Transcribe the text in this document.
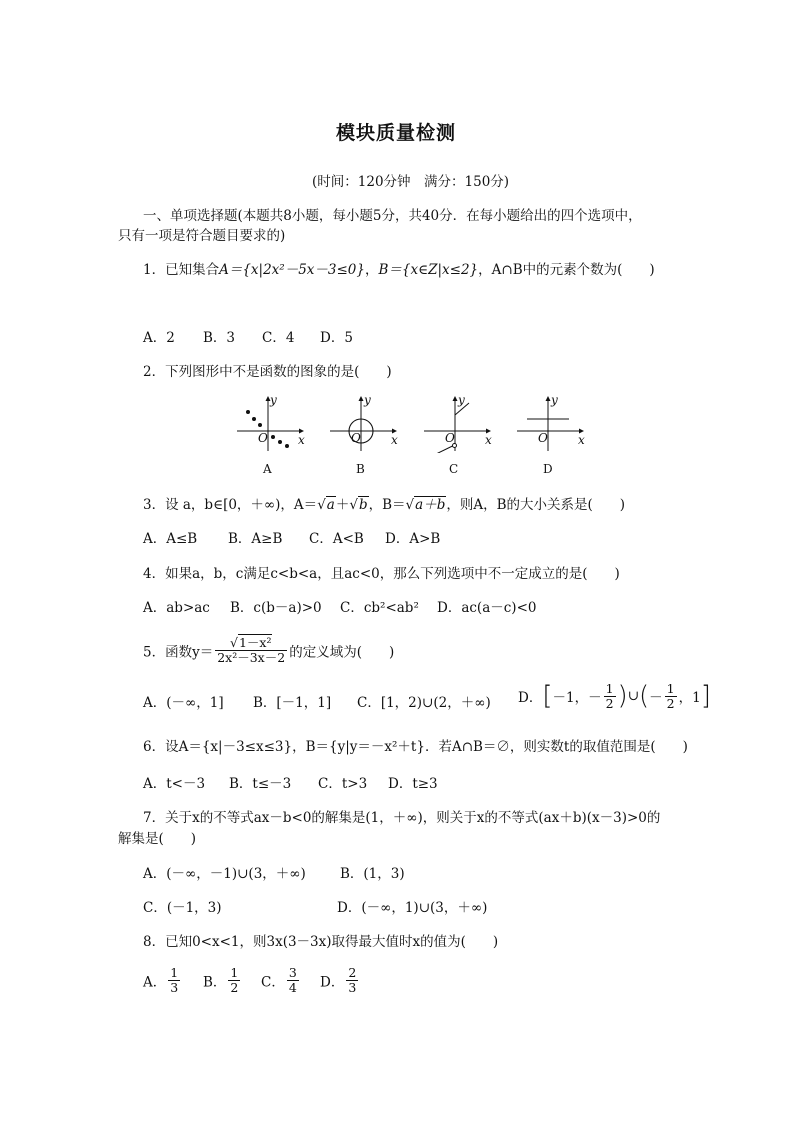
模块质量检测
(时间：120分钟　满分：150分)
一、单项选择题(本题共8小题，每小题5分，共40分．在每小题给出的四个选项中，
只有一项是符合题目要求的)
1．已知集合A＝{x|2x²－5x－3≤0}，B＝{x∈Z|x≤2}，A∩B中的元素个数为(　　)
A．2 B．3 C．4 D．5
2．下列图形中不是函数的图象的是(　　)
y
x
O
A
y
x
O
B
y
x
O
C
y
x
O
D
3．设 a，b∈[0，＋∞)，A＝√a＋√b，B＝√a＋b，则A，B的大小关系是(　　)
A．A≤B B．A≥B C．A<B D．A>B
4．如果a，b，c满足c<b<a，且ac<0，那么下列选项中不一定成立的是(　　)
A．ab>ac B．c(b－a)>0 C．cb²<ab² D．ac(a－c)<0
5．函数$y= \frac{\text{√1－x²}}{\text{2x²－3x－2}}$ 的定义域为(　　)
A．(－∞，1] B．[－1，1] C．[1，2)∪(2，＋∞) D．[－1，－ $\frac{1}{2}$ )∪(－ $\frac{1}{2}$ ，1]
6．设A＝{x|－3≤x≤3}，B＝{y|y＝－x²＋t}．若A∩B＝∅，则实数t的取值范围是(　　)
A．t<－3 B．t≤－3 C．t>3 D．t≥3
7．关于x的不等式ax－b<0的解集是(1，＋∞)，则关于x的不等式(ax＋b)(x－3)>0的
解集是(　　)
A．(－∞，－1)∪(3，＋∞)	B．(1，3)
C．(－1，3)	D．(－∞，1)∪(3，＋∞)
8．已知0<x<1，则3x(3－3x)取得最大值时x的值为(　　)
A． $\frac{1}{3}$ B． $\frac{1}{2}$ C． $\frac{3}{4}$ D． $\frac{2}{3}$
